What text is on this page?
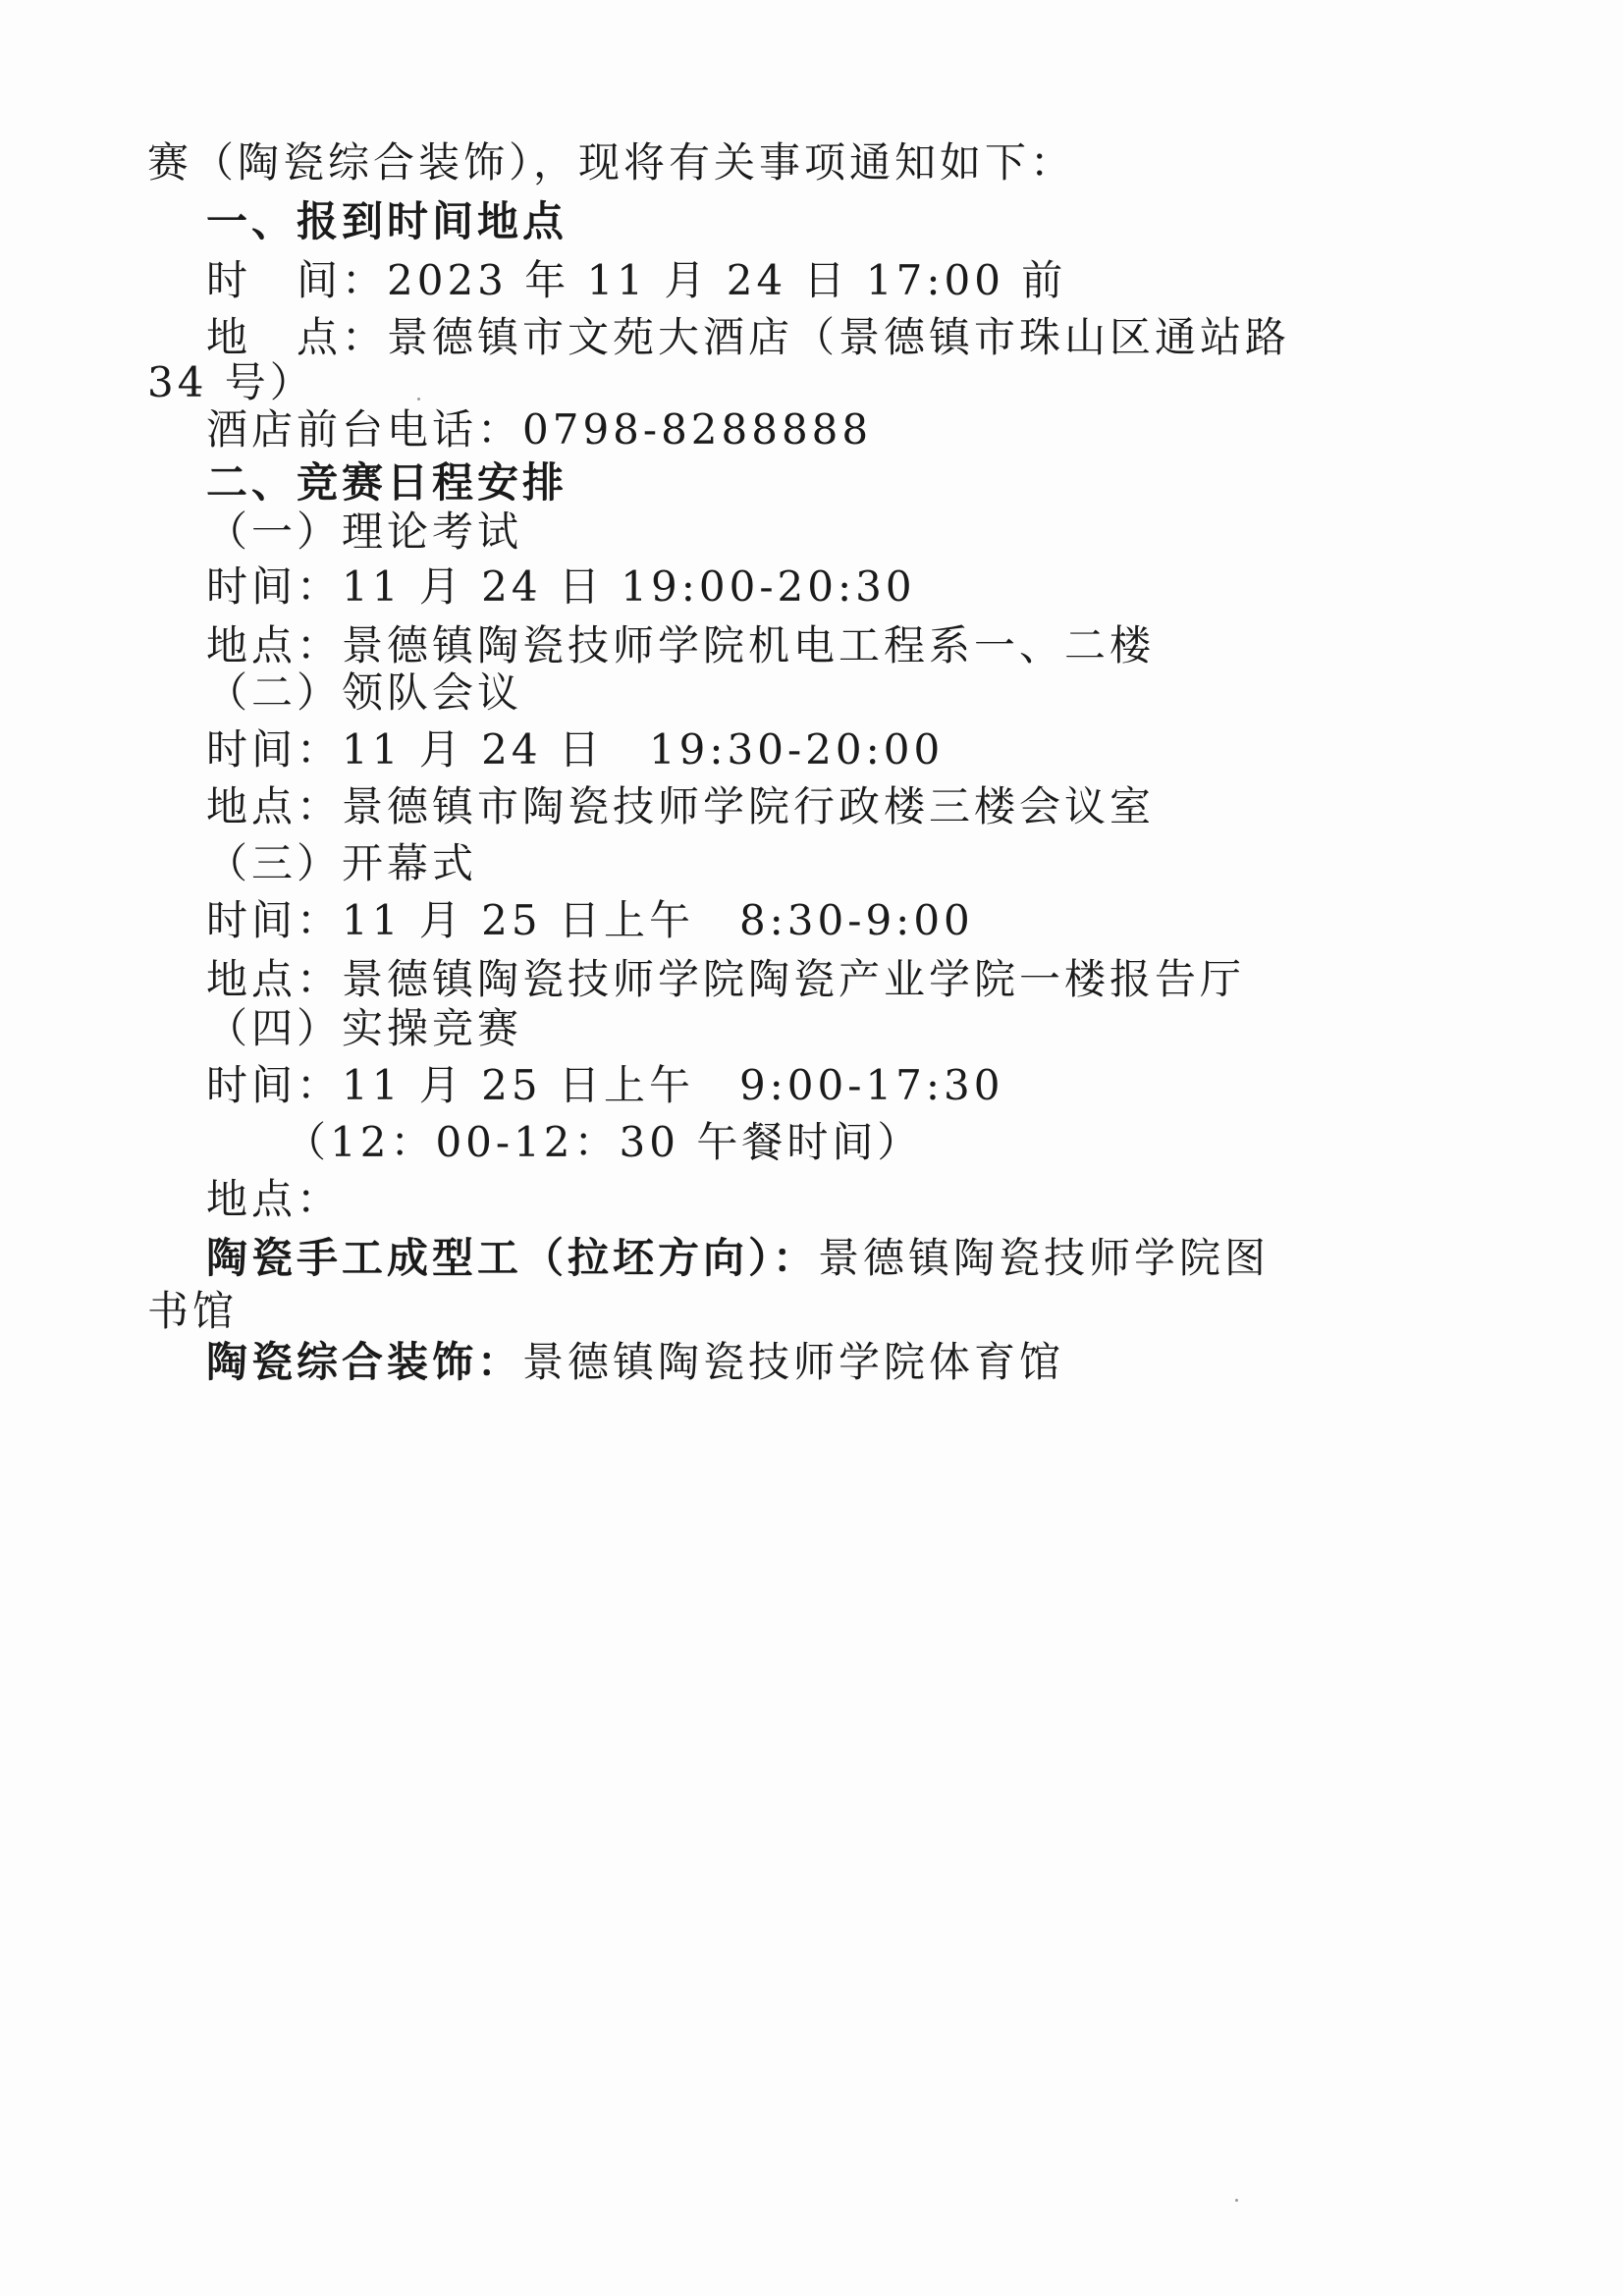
赛（陶瓷综合装饰），现将有关事项通知如下：
一、报到时间地点
时　间：2023 年 11 月 24 日 17:00 前
地　点：景德镇市文苑大酒店（景德镇市珠山区通站路
34 号）
酒店前台电话：0798-8288888
二、竞赛日程安排
（一）理论考试
时间：11 月 24 日 19:00-20:30
地点：景德镇陶瓷技师学院机电工程系一、二楼
（二）领队会议
时间：11 月 24 日　19:30-20:00
地点：景德镇市陶瓷技师学院行政楼三楼会议室
（三）开幕式
时间：11 月 25 日上午　8:30-9:00
地点：景德镇陶瓷技师学院陶瓷产业学院一楼报告厅
（四）实操竞赛
时间：11 月 25 日上午　9:00-17:30
（12：00-12：30 午餐时间）
地点：
陶瓷手工成型工（拉坯方向）：景德镇陶瓷技师学院图
书馆
陶瓷综合装饰：景德镇陶瓷技师学院体育馆
